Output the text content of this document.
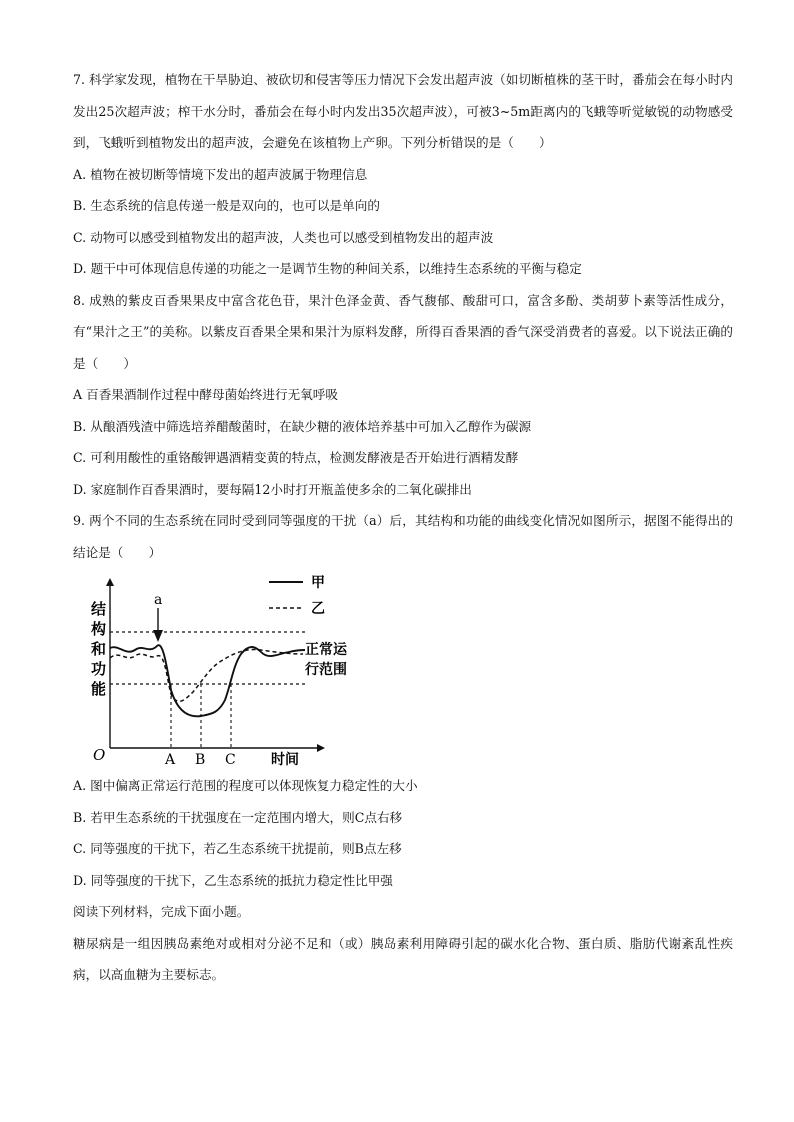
7. 科学家发现，植物在干旱胁迫、被砍切和侵害等压力情况下会发出超声波（如切断植株的茎干时，番茄会在每小时内发出25次超声波；榨干水分时，番茄会在每小时内发出35次超声波），可被3~5m距离内的飞蛾等听觉敏锐的动物感受到，飞蛾听到植物发出的超声波，会避免在该植物上产卵。下列分析错误的是（　　）

A. 植物在被切断等情境下发出的超声波属于物理信息

B. 生态系统的信息传递一般是双向的，也可以是单向的

C. 动物可以感受到植物发出的超声波，人类也可以感受到植物发出的超声波

D. 题干中可体现信息传递的功能之一是调节生物的种间关系，以维持生态系统的平衡与稳定

8. 成熟的紫皮百香果果皮中富含花色苷，果汁色泽金黄、香气馥郁、酸甜可口，富含多酚、类胡萝卜素等活性成分，有“果汁之王”的美称。以紫皮百香果全果和果汁为原料发酵，所得百香果酒的香气深受消费者的喜爱。以下说法正确的是（　　）

A 百香果酒制作过程中酵母菌始终进行无氧呼吸

B. 从酿酒残渣中筛选培养醋酸菌时，在缺少糖的液体培养基中可加入乙醇作为碳源

C. 可利用酸性的重铬酸钾遇酒精变黄的特点，检测发酵液是否开始进行酒精发酵

D. 家庭制作百香果酒时，要每隔12小时打开瓶盖使多余的二氧化碳排出

9. 两个不同的生态系统在同时受到同等强度的干扰（a）后，其结构和功能的曲线变化情况如图所示，据图不能得出的结论是（　　）

结构和功能
O
正常运
行范围
甲
乙
a
A B C	时间

A. 图中偏离正常运行范围的程度可以体现恢复力稳定性的大小

B. 若甲生态系统的干扰强度在一定范围内增大，则C点右移

C. 同等强度的干扰下，若乙生态系统干扰提前，则B点左移

D. 同等强度的干扰下，乙生态系统的抵抗力稳定性比甲强

阅读下列材料，完成下面小题。

糖尿病是一组因胰岛素绝对或相对分泌不足和（或）胰岛素利用障碍引起的碳水化合物、蛋白质、脂肪代谢紊乱性疾病，以高血糖为主要标志。
